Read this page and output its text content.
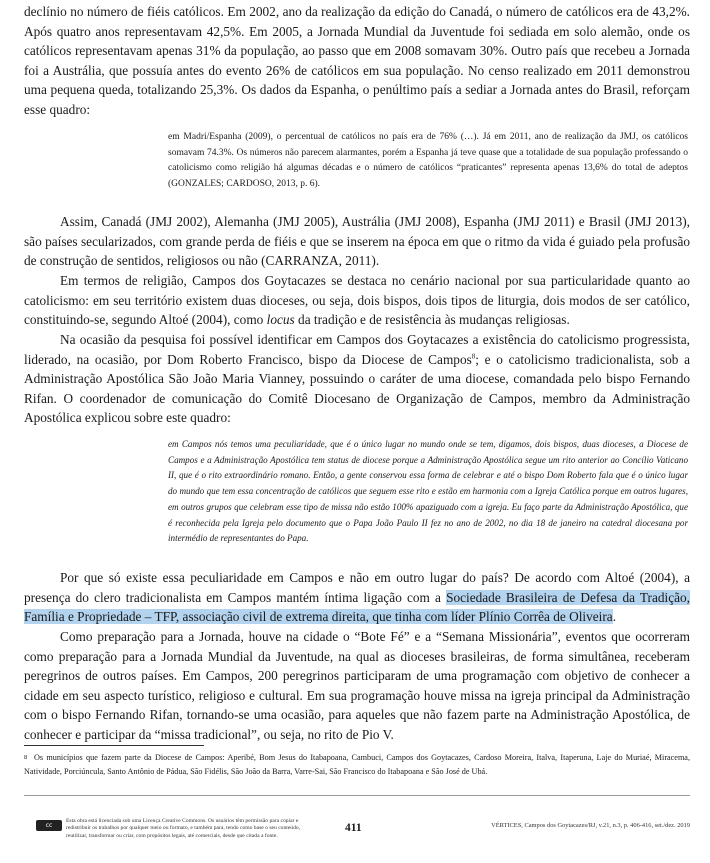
declínio no número de fiéis católicos. Em 2002, ano da realização da edição do Canadá, o número de católicos era de 43,2%. Após quatro anos representavam 42,5%. Em 2005, a Jornada Mundial da Juventude foi sediada em solo alemão, onde os católicos representavam apenas 31% da população, ao passo que em 2008 somavam 30%. Outro país que recebeu a Jornada foi a Austrália, que possuía antes do evento 26% de católicos em sua população. No censo realizado em 2011 demonstrou uma pequena queda, totalizando 25,3%. Os dados da Espanha, o penúltimo país a sediar a Jornada antes do Brasil, reforçam esse quadro:

em Madri/Espanha (2009), o percentual de católicos no país era de 76% (…). Já em 2011, ano de realização da JMJ, os católicos somavam 74.3%. Os números não parecem alarmantes, porém a Espanha já teve quase que a totalidade de sua população professando o catolicismo como religião há algumas décadas e o número de católicos “praticantes” representa apenas 13,6% do total de adeptos (GONZALES; CARDOSO, 2013, p. 6).

Assim, Canadá (JMJ 2002), Alemanha (JMJ 2005), Austrália (JMJ 2008), Espanha (JMJ 2011) e Brasil (JMJ 2013), são países secularizados, com grande perda de fiéis e que se inserem na época em que o ritmo da vida é guiado pela profusão de construção de sentidos, religiosos ou não (CARRANZA, 2011).

Em termos de religião, Campos dos Goytacazes se destaca no cenário nacional por sua particularidade quanto ao catolicismo: em seu território existem duas dioceses, ou seja, dois bispos, dois tipos de liturgia, dois modos de ser católico, constituindo-se, segundo Altoé (2004), como locus da tradição e de resistência às mudanças religiosas.

Na ocasião da pesquisa foi possível identificar em Campos dos Goytacazes a existência do catolicismo progressista, liderado, na ocasião, por Dom Roberto Francisco, bispo da Diocese de Campos$^8$; e o catolicismo tradicionalista, sob a Administração Apostólica São João Maria Vianney, possuindo o caráter de uma diocese, comandada pelo bispo Fernando Rifan. O coordenador de comunicação do Comitê Diocesano de Organização de Campos, membro da Administração Apostólica explicou sobre este quadro:

em Campos nós temos uma peculiaridade, que é o único lugar no mundo onde se tem, digamos, dois bispos, duas dioceses, a Diocese de Campos e a Administração Apostólica tem status de diocese porque a Administração Apostólica segue um rito anterior ao Concílio Vaticano II, que é o rito extraordinário romano. Então, a gente conservou essa forma de celebrar e até o bispo Dom Roberto fala que é o único lugar do mundo que tem essa concentração de católicos que seguem esse rito e estão em harmonia com a Igreja Católica porque em outros lugares, em outros grupos que celebram esse tipo de missa não estão 100% apaziguado com a igreja. Eu faço parte da Administração Apostólica, que é reconhecida pela Igreja pelo documento que o Papa João Paulo II fez no ano de 2002, no dia 18 de janeiro na catedral diocesana por intermédio de representantes do Papa.

Por que só existe essa peculiaridade em Campos e não em outro lugar do país? De acordo com Altoé (2004), a presença do clero tradicionalista em Campos mantém íntima ligação com a Sociedade Brasileira de Defesa da Tradição, Família e Propriedade – TFP, associação civil de extrema direita, que tinha com líder Plínio Corrêa de Oliveira.

Como preparação para a Jornada, houve na cidade o “Bote Fé” e a “Semana Missionária”, eventos que ocorreram como preparação para a Jornada Mundial da Juventude, na qual as dioceses brasileiras, de forma simultânea, receberam peregrinos de outros países. Em Campos, 200 peregrinos participaram de uma programação com objetivo de conhecer a cidade em seu aspecto turístico, religioso e cultural. Em sua programação houve missa na igreja principal da Administração com o bispo Fernando Rifan, tornando-se uma ocasião, para aqueles que não fazem parte na Administração Apostólica, de conhecer e participar da “missa tradicional”, ou seja, no rito de Pio V.

8 Os municípios que fazem parte da Diocese de Campos: Aperibé, Bom Jesus do Itabapoana, Cambuci, Campos dos Goytacazes, Cardoso Moreira, Italva, Itaperuna, Laje do Muriaé, Miracema, Natividade, Porciúncula, Santo Antônio de Pádua, São Fidélis, São João da Barra, Varre-Sai, São Francisco do Itabapoana e São José de Ubá.

cc
Esta obra está licenciada sob uma Licença Creative Commons. Os usuários têm permissão para copiar e redistribuir os trabalhos por qualquer meio ou formato, e também para, tendo como base o seu conteúdo, reutilizar, transformar ou criar, com propósitos legais, até comerciais, desde que citada a fonte.
411	VÉRTICES, Campos dos Goytacazes/RJ, v.21, n.3, p. 406-416, set./dez. 2019
